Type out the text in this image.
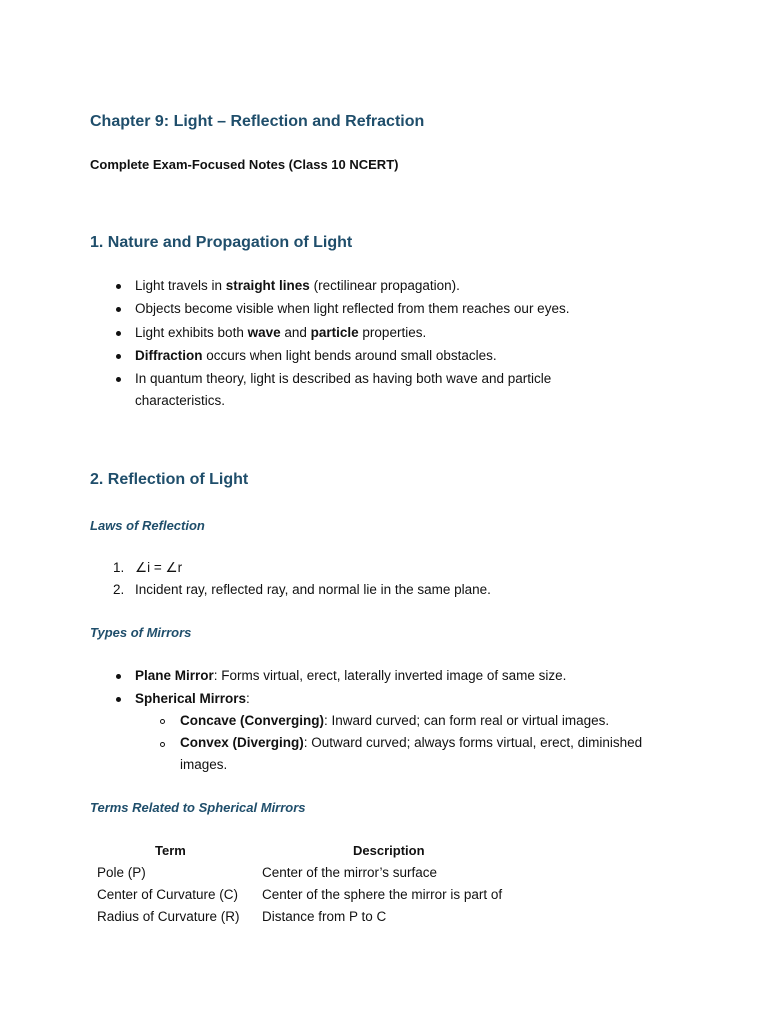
Chapter 9: Light – Reflection and Refraction
Complete Exam-Focused Notes (Class 10 NCERT)
1. Nature and Propagation of Light
Light travels in straight lines (rectilinear propagation).
Objects become visible when light reflected from them reaches our eyes.
Light exhibits both wave and particle properties.
Diffraction occurs when light bends around small obstacles.
In quantum theory, light is described as having both wave and particle
characteristics.
2. Reflection of Light
Laws of Reflection
1. ∠i = ∠r
2. Incident ray, reflected ray, and normal lie in the same plane.
Types of Mirrors
Plane Mirror: Forms virtual, erect, laterally inverted image of same size.
Spherical Mirrors:
Concave (Converging): Inward curved; can form real or virtual images.
Convex (Diverging): Outward curved; always forms virtual, erect, diminished
images.
Terms Related to Spherical Mirrors
Term	Description
Pole (P)	Center of the mirror’s surface
Center of Curvature (C) Center of the sphere the mirror is part of
Radius of Curvature (R) Distance from P to C
